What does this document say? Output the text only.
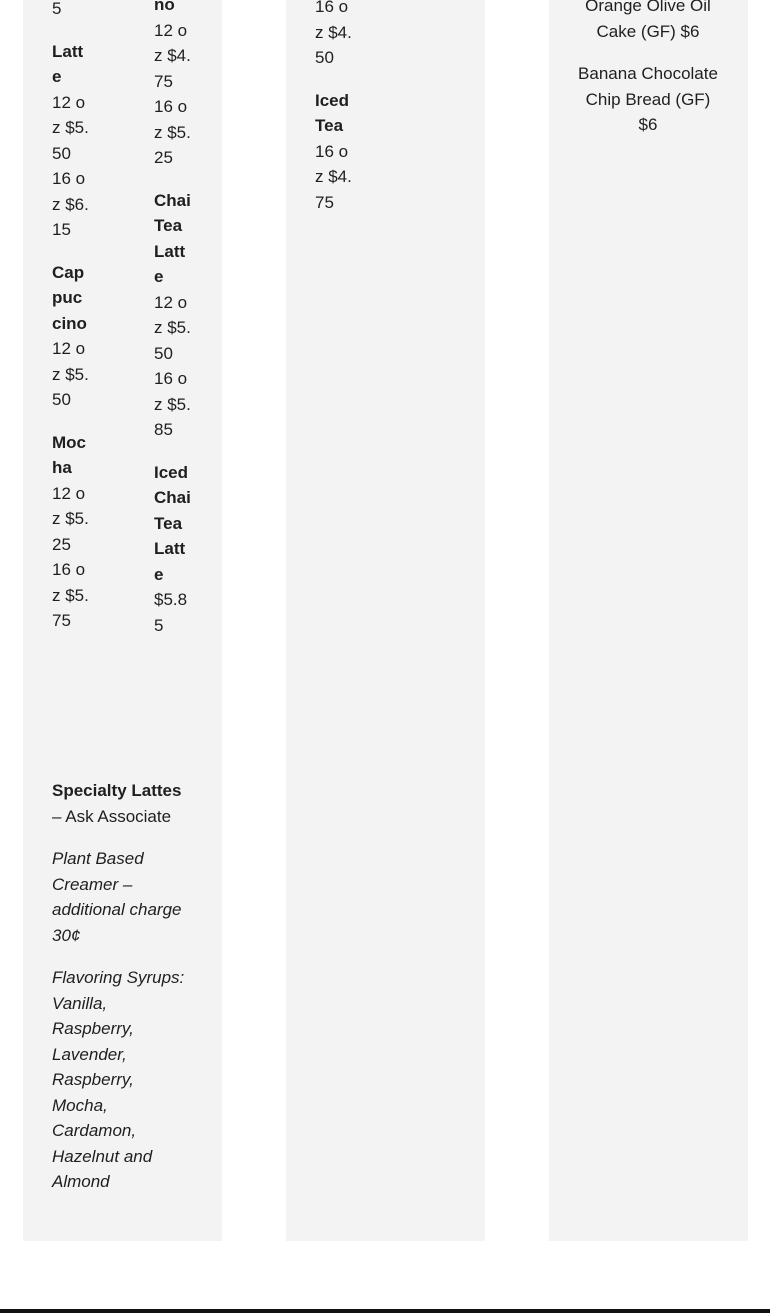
5
Latte
12 oz $5.50
16 oz $6.15
Cappuccino
12 oz $5.50
Mocha
12 oz $5.25
16 oz $5.75
no
12 oz $4.75
16 oz $5.25
Chai Tea Latte
12 oz $5.50
16 oz $5.85
Iced Chai Tea Latte
$5.85

Specialty Lattes – Ask Associate

Plant Based Creamer – additional charge 30¢

Flavoring Syrups: Vanilla, Raspberry, Lavender, Raspberry, Mocha, Cardamon, Hazelnut and Almond

16 oz $4.50
Iced Tea
16 oz $4.75

Orange Olive Oil Cake (GF) $6

Banana Chocolate Chip Bread (GF) $6
